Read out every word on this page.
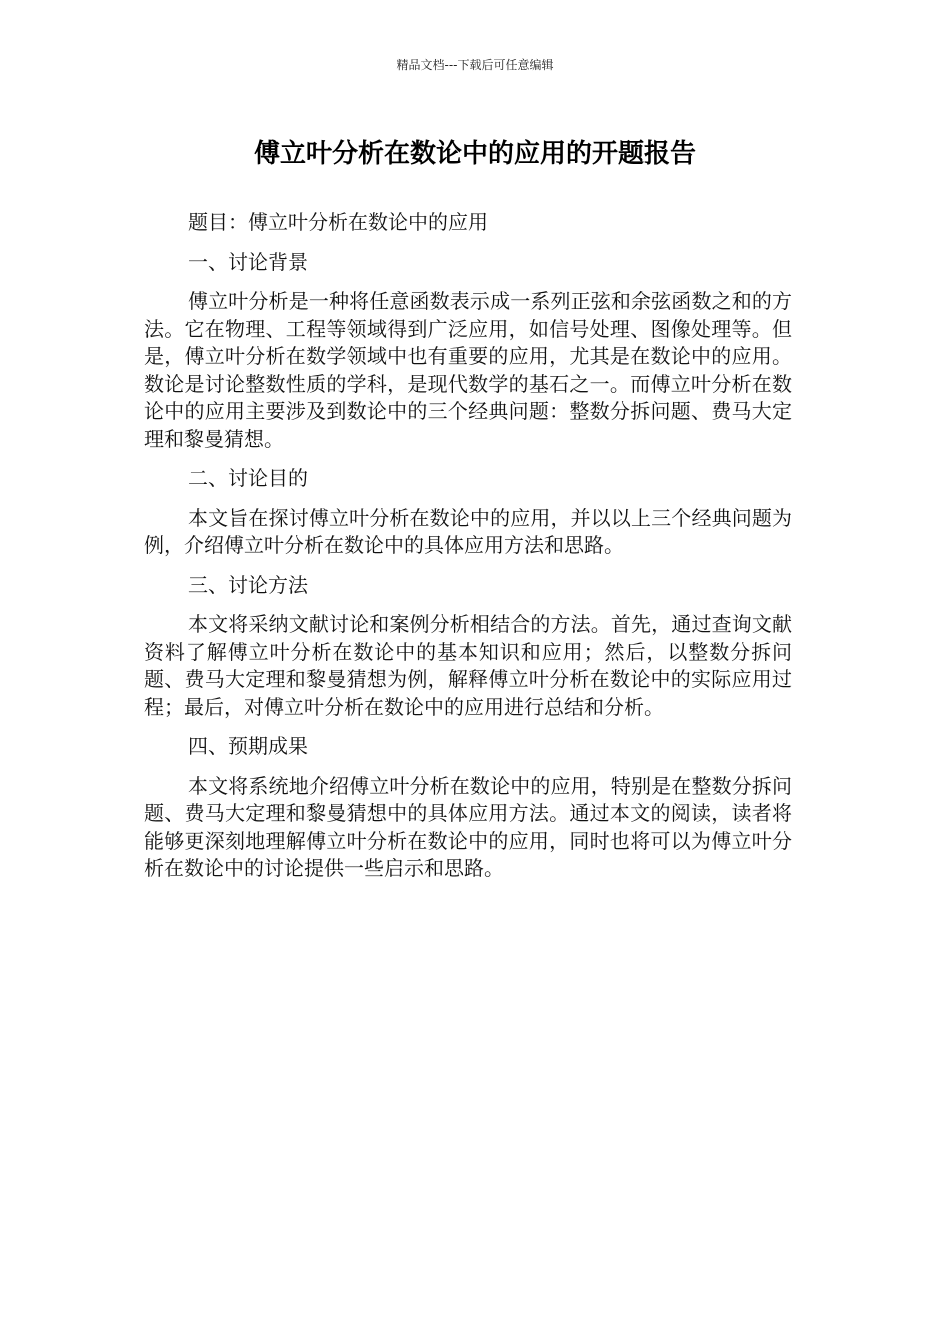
精品文档---下载后可任意编辑
傅立叶分析在数论中的应用的开题报告

题目：傅立叶分析在数论中的应用

一、讨论背景

傅立叶分析是一种将任意函数表示成一系列正弦和余弦函数之和的方法。它在物理、工程等领域得到广泛应用，如信号处理、图像处理等。但是，傅立叶分析在数学领域中也有重要的应用，尤其是在数论中的应用。数论是讨论整数性质的学科，是现代数学的基石之一。而傅立叶分析在数论中的应用主要涉及到数论中的三个经典问题：整数分拆问题、费马大定理和黎曼猜想。

二、讨论目的

本文旨在探讨傅立叶分析在数论中的应用，并以以上三个经典问题为例，介绍傅立叶分析在数论中的具体应用方法和思路。

三、讨论方法

本文将采纳文献讨论和案例分析相结合的方法。首先，通过查询文献资料了解傅立叶分析在数论中的基本知识和应用；然后，以整数分拆问题、费马大定理和黎曼猜想为例，解释傅立叶分析在数论中的实际应用过程；最后，对傅立叶分析在数论中的应用进行总结和分析。

四、预期成果

本文将系统地介绍傅立叶分析在数论中的应用，特别是在整数分拆问题、费马大定理和黎曼猜想中的具体应用方法。通过本文的阅读，读者将能够更深刻地理解傅立叶分析在数论中的应用，同时也将可以为傅立叶分析在数论中的讨论提供一些启示和思路。
